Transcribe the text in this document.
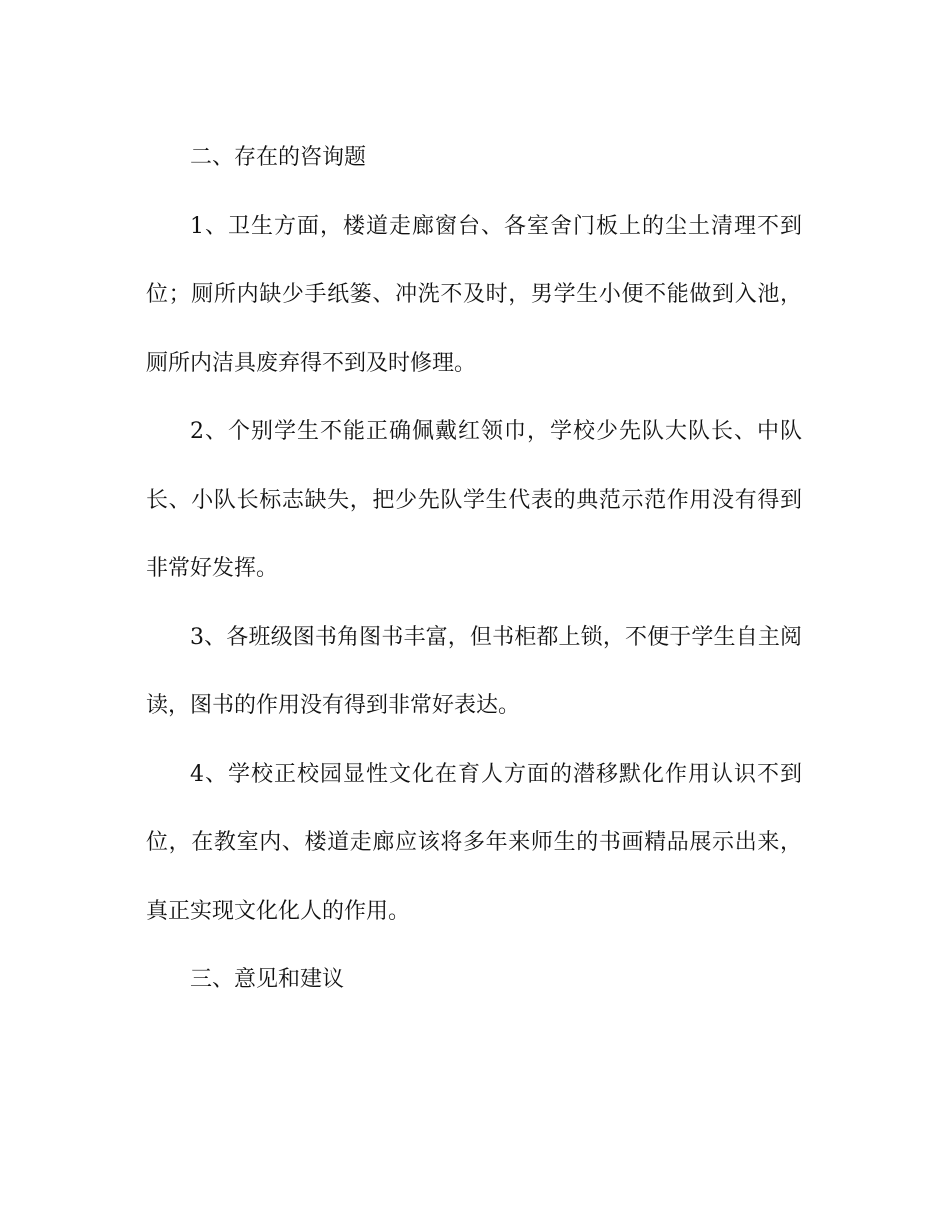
二、存在的咨询题

1、卫生方面，楼道走廊窗台、各室舍门板上的尘土清理不到位；厕所内缺少手纸篓、冲洗不及时，男学生小便不能做到入池，厕所内洁具废弃得不到及时修理。

2、个别学生不能正确佩戴红领巾，学校少先队大队长、中队长、小队长标志缺失，把少先队学生代表的典范示范作用没有得到非常好发挥。

3、各班级图书角图书丰富，但书柜都上锁，不便于学生自主阅读，图书的作用没有得到非常好表达。

4、学校正校园显性文化在育人方面的潜移默化作用认识不到位，在教室内、楼道走廊应该将多年来师生的书画精品展示出来，真正实现文化化人的作用。

三、意见和建议
